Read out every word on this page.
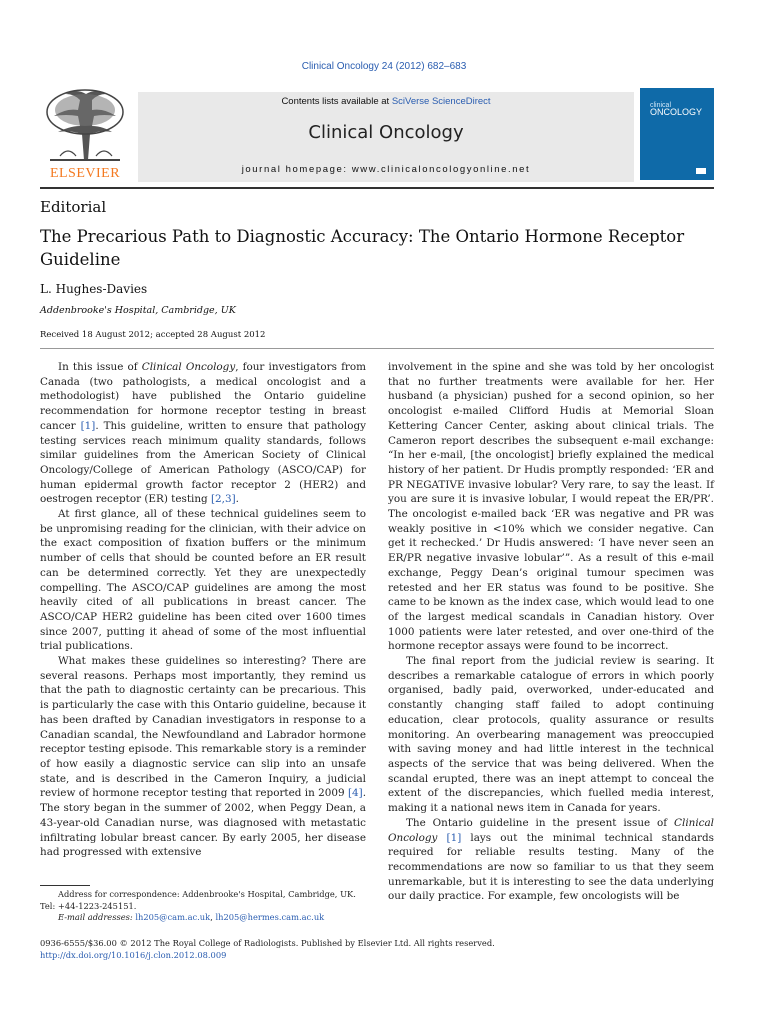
Clinical Oncology 24 (2012) 682–683
ELSEVIER
Contents lists available at SciVerse ScienceDirect
Clinical Oncology
journal homepage: www.clinicaloncologyonline.net
clinical
ONCOLOGY
Editorial
The Precarious Path to Diagnostic Accuracy: The Ontario Hormone Receptor Guideline
L. Hughes-Davies
Addenbrooke's Hospital, Cambridge, UK
Received 18 August 2012; accepted 28 August 2012

In this issue of Clinical Oncology, four investigators from Canada (two pathologists, a medical oncologist and a methodologist) have published the Ontario guideline recommendation for hormone receptor testing in breast cancer [1]. This guideline, written to ensure that pathology testing services reach minimum quality standards, follows similar guidelines from the American Society of Clinical Oncology/College of American Pathology (ASCO/CAP) for human epidermal growth factor receptor 2 (HER2) and oestrogen receptor (ER) testing [2,3].

At first glance, all of these technical guidelines seem to be unpromising reading for the clinician, with their advice on the exact composition of fixation buffers or the minimum number of cells that should be counted before an ER result can be determined correctly. Yet they are unexpectedly compelling. The ASCO/CAP guidelines are among the most heavily cited of all publications in breast cancer. The ASCO/CAP HER2 guideline has been cited over 1600 times since 2007, putting it ahead of some of the most influential trial publications.

What makes these guidelines so interesting? There are several reasons. Perhaps most importantly, they remind us that the path to diagnostic certainty can be precarious. This is particularly the case with this Ontario guideline, because it has been drafted by Canadian investigators in response to a Canadian scandal, the Newfoundland and Labrador hormone receptor testing episode. This remarkable story is a reminder of how easily a diagnostic service can slip into an unsafe state, and is described in the Cameron Inquiry, a judicial review of hormone receptor testing that reported in 2009 [4]. The story began in the summer of 2002, when Peggy Dean, a 43-year-old Canadian nurse, was diagnosed with metastatic infiltrating lobular breast cancer. By early 2005, her disease had progressed with extensive

involvement in the spine and she was told by her oncologist that no further treatments were available for her. Her husband (a physician) pushed for a second opinion, so her oncologist e-mailed Clifford Hudis at Memorial Sloan Kettering Cancer Center, asking about clinical trials. The Cameron report describes the subsequent e-mail exchange: “In her e-mail, [the oncologist] briefly explained the medical history of her patient. Dr Hudis promptly responded: ‘ER and PR NEGATIVE invasive lobular? Very rare, to say the least. If you are sure it is invasive lobular, I would repeat the ER/PR’. The oncologist e-mailed back ‘ER was negative and PR was weakly positive in <10% which we consider negative. Can get it rechecked.’ Dr Hudis answered: ‘I have never seen an ER/PR negative invasive lobular’”. As a result of this e-mail exchange, Peggy Dean’s original tumour specimen was retested and her ER status was found to be positive. She came to be known as the index case, which would lead to one of the largest medical scandals in Canadian history. Over 1000 patients were later retested, and over one-third of the hormone receptor assays were found to be incorrect.

The final report from the judicial review is searing. It describes a remarkable catalogue of errors in which poorly organised, badly paid, overworked, under-educated and constantly changing staff failed to adopt continuing education, clear protocols, quality assurance or results monitoring. An overbearing management was preoccupied with saving money and had little interest in the technical aspects of the service that was being delivered. When the scandal erupted, there was an inept attempt to conceal the extent of the discrepancies, which fuelled media interest, making it a national news item in Canada for years.

The Ontario guideline in the present issue of Clinical Oncology [1] lays out the minimal technical standards required for reliable results testing. Many of the recommendations are now so familiar to us that they seem unremarkable, but it is interesting to see the data underlying our daily practice. For example, few oncologists will be

Address for correspondence: Addenbrooke's Hospital, Cambridge, UK. Tel: +44-1223-245151.
E-mail addresses: lh205@cam.ac.uk, lh205@hermes.cam.ac.uk
0936-6555/$36.00 © 2012 The Royal College of Radiologists. Published by Elsevier Ltd. All rights reserved.
http://dx.doi.org/10.1016/j.clon.2012.08.009
